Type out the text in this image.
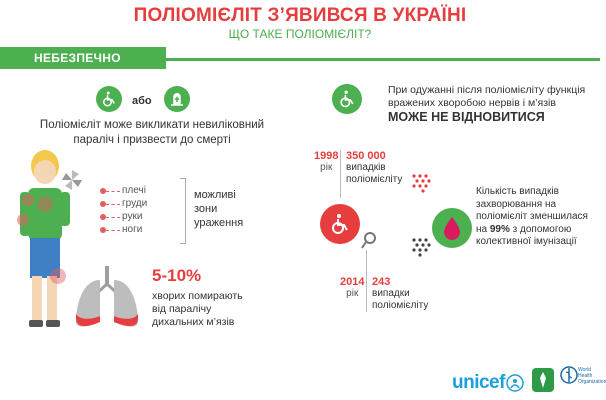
ПОЛІОМІЄЛІТ З’ЯВИВСЯ В УКРАЇНІ
ЩО ТАКЕ ПОЛІОМІЄЛІТ?
НЕБЕЗПЕЧНО
або
Поліомієліт може викликати невиліковний параліч і призвести до смерті
плечі
груди
руки
ноги
можливі
зони
ураження
5-10%
хворих помирають
від паралічу
дихальних м’язів
При одужанні після поліомієліту функція вражених хворобою нервів і м’язів
МОЖЕ НЕ ВІДНОВИТИСЯ
1998
рік
350 000
випадків
поліомієліту
2014
рік
243
випадки
поліомієліту
Кількість випадків захворювання на поліомієліт зменшилася на 99% з допомогою колективної імунізації
unicef
World Health
Organization
